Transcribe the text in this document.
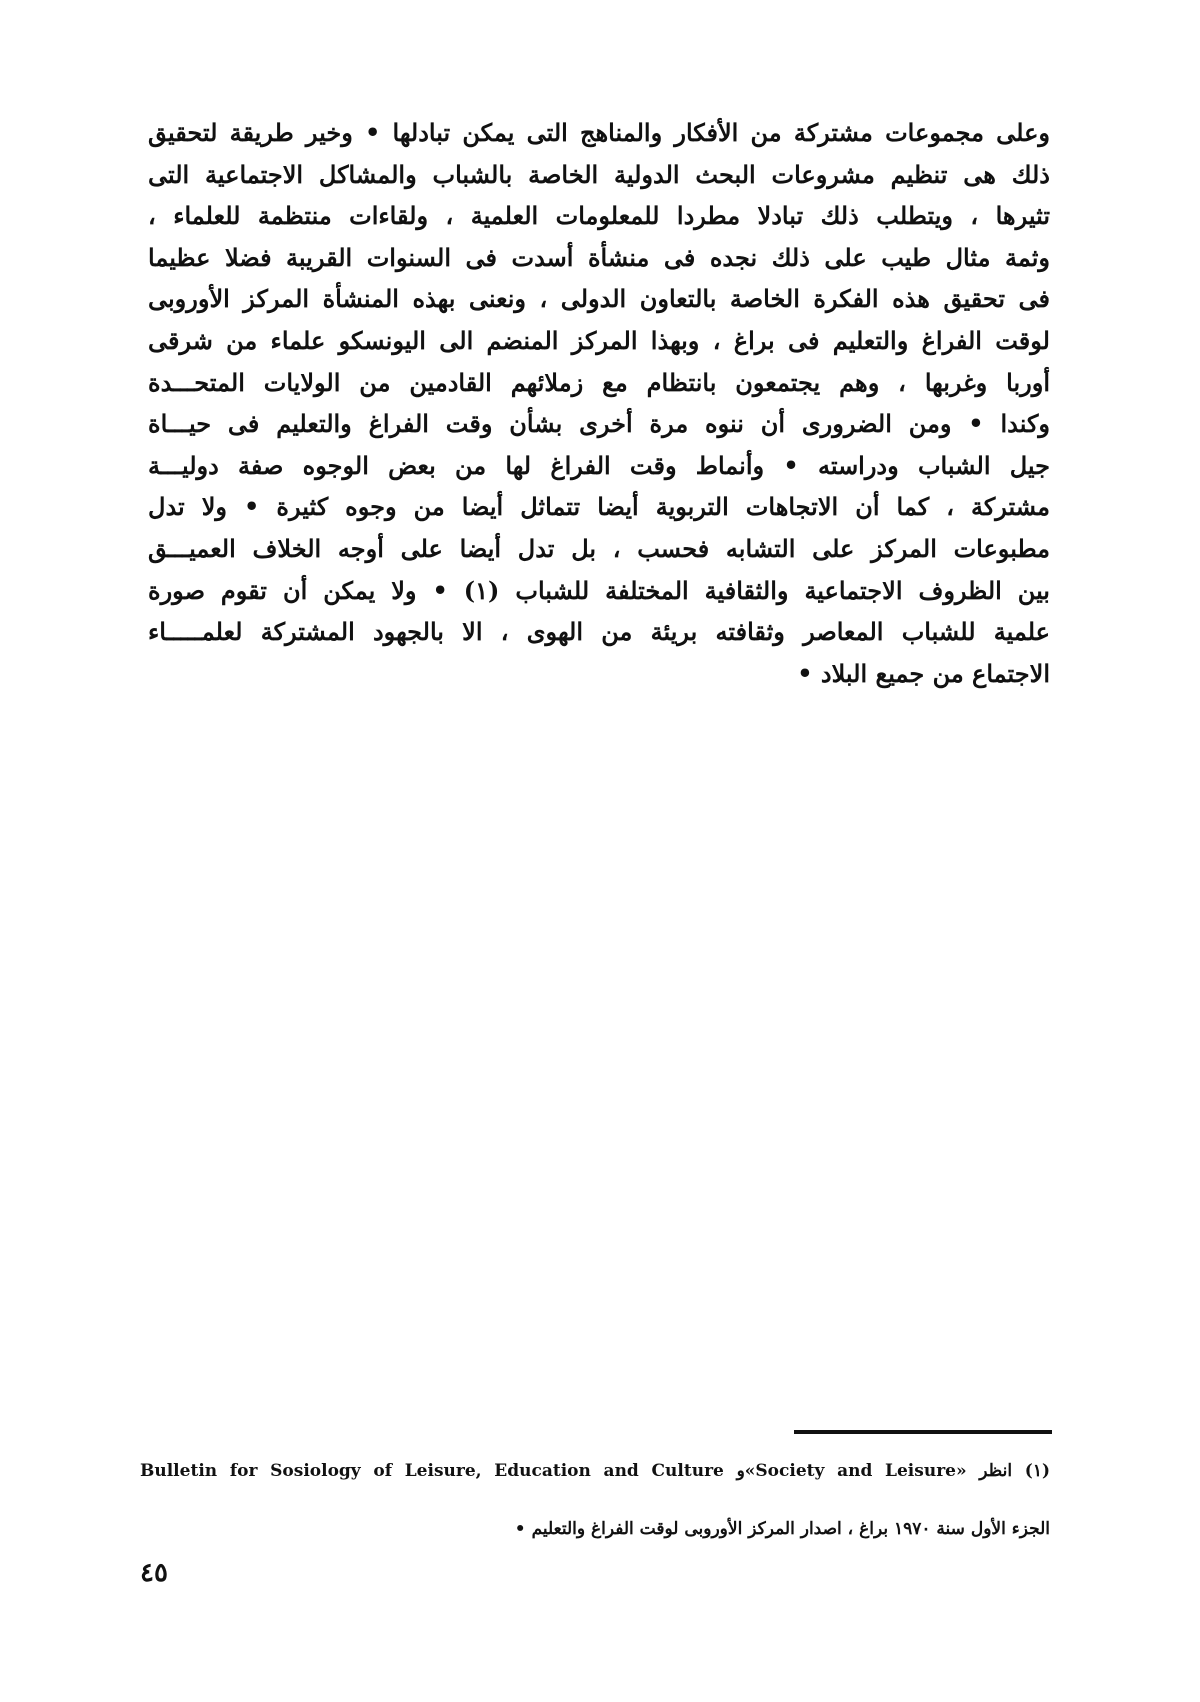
وعلى مجموعات مشتركة من الأفكار والمناهج التى يمكن تبادلها • وخير طريقة لتحقيق
ذلك هى تنظيم مشروعات البحث الدولية الخاصة بالشباب والمشاكل الاجتماعية التى
تثيرها ، ويتطلب ذلك تبادلا مطردا للمعلومات العلمية ، ولقاءات منتظمة للعلماء ،
وثمة مثال طيب على ذلك نجده فى منشأة أسدت فى السنوات القريبة فضلا عظيما
فى تحقيق هذه الفكرة الخاصة بالتعاون الدولى ، ونعنى بهذه المنشأة المركز الأوروبى
لوقت الفراغ والتعليم فى براغ ، وبهذا المركز المنضم الى اليونسكو علماء من شرقى
أوربا وغربها ، وهم يجتمعون بانتظام مع زملائهم القادمين من الولايات المتحـــدة
وكندا • ومن الضرورى أن ننوه مرة أخرى بشأن وقت الفراغ والتعليم فى حيـــاة
جيل الشباب ودراسته • وأنماط وقت الفراغ لها من بعض الوجوه صفة دوليـــة
مشتركة ، كما أن الاتجاهات التربوية أيضا تتماثل أيضا من وجوه كثيرة • ولا تدل
مطبوعات المركز على التشابه فحسب ، بل تدل أيضا على أوجه الخلاف العميـــق
بين الظروف الاجتماعية والثقافية المختلفة للشباب (١) • ولا يمكن أن تقوم صورة
علمية للشباب المعاصر وثقافته بريئة من الهوى ، الا بالجهود المشتركة لعلمـــــاء
الاجتماع من جميع البلاد •
(١) انظر «Society and Leisure»و Bulletin for Sosiology of Leisure, Education and Culture
الجزء الأول سنة ١٩٧٠ براغ ، اصدار المركز الأوروبى لوقت الفراغ والتعليم •
٤٥
